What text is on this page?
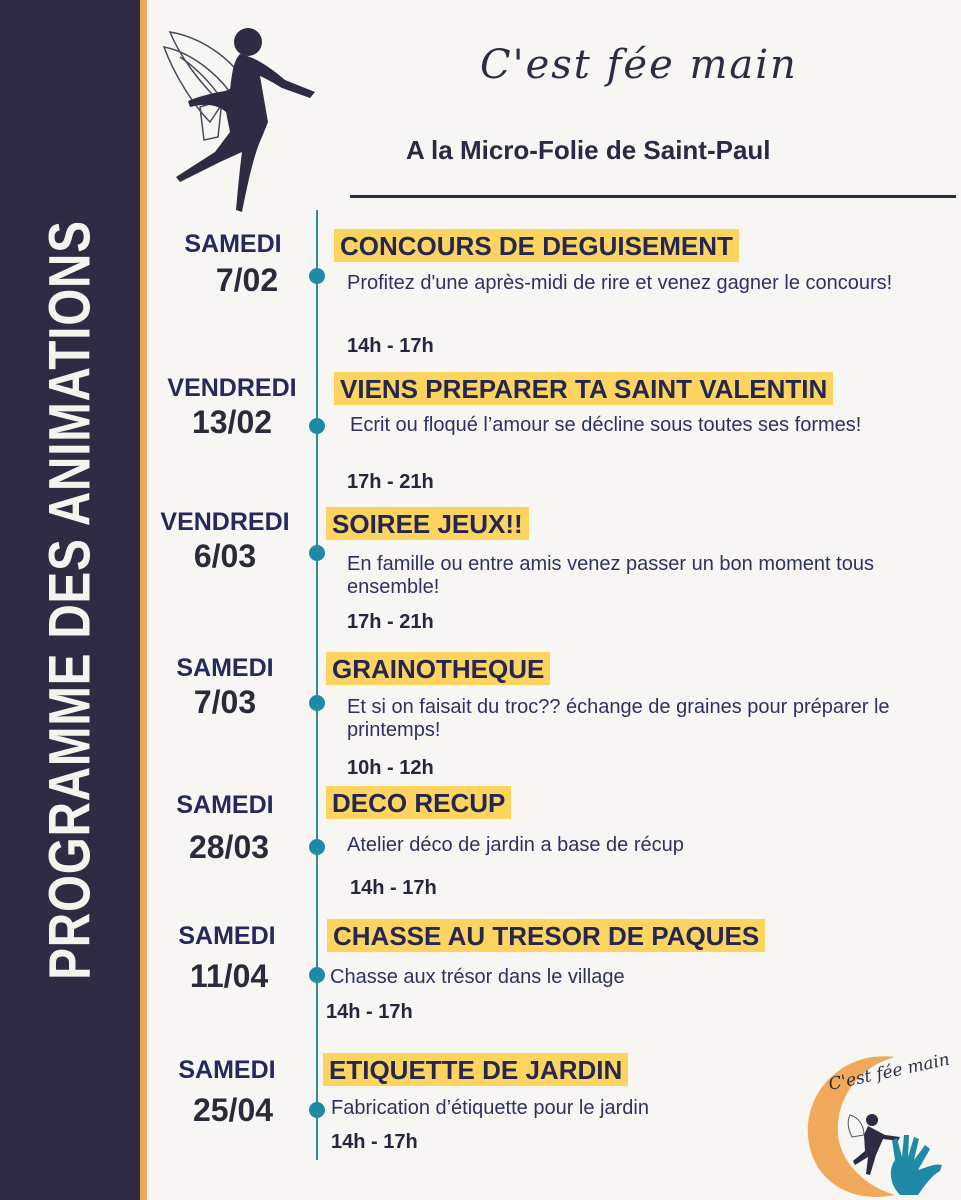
PROGRAMME DES ANIMATIONS
C'est fée main
A la Micro-Folie de Saint-Paul
SAMEDI
7/02
CONCOURS DE DEGUISEMENT
Profitez d'une après-midi de rire et venez gagner le concours!
14h - 17h
VENDREDI
13/02
VIENS PREPARER TA SAINT VALENTIN
Ecrit ou floqué l’amour se décline sous toutes ses formes!
17h - 21h
VENDREDI
6/03
SOIREE JEUX!!
En famille ou entre amis venez passer un bon moment tous ensemble!
17h - 21h
SAMEDI
7/03
GRAINOTHEQUE
Et si on faisait du troc?? échange de graines pour préparer le printemps!
10h - 12h
SAMEDI
28/03
DECO RECUP
Atelier déco de jardin a base de récup
14h - 17h
SAMEDI
11/04
CHASSE AU TRESOR DE PAQUES
Chasse aux trésor dans le village
14h - 17h
SAMEDI
25/04
ETIQUETTE DE JARDIN
Fabrication d’étiquette pour le jardin
14h - 17h
C'est fée main
